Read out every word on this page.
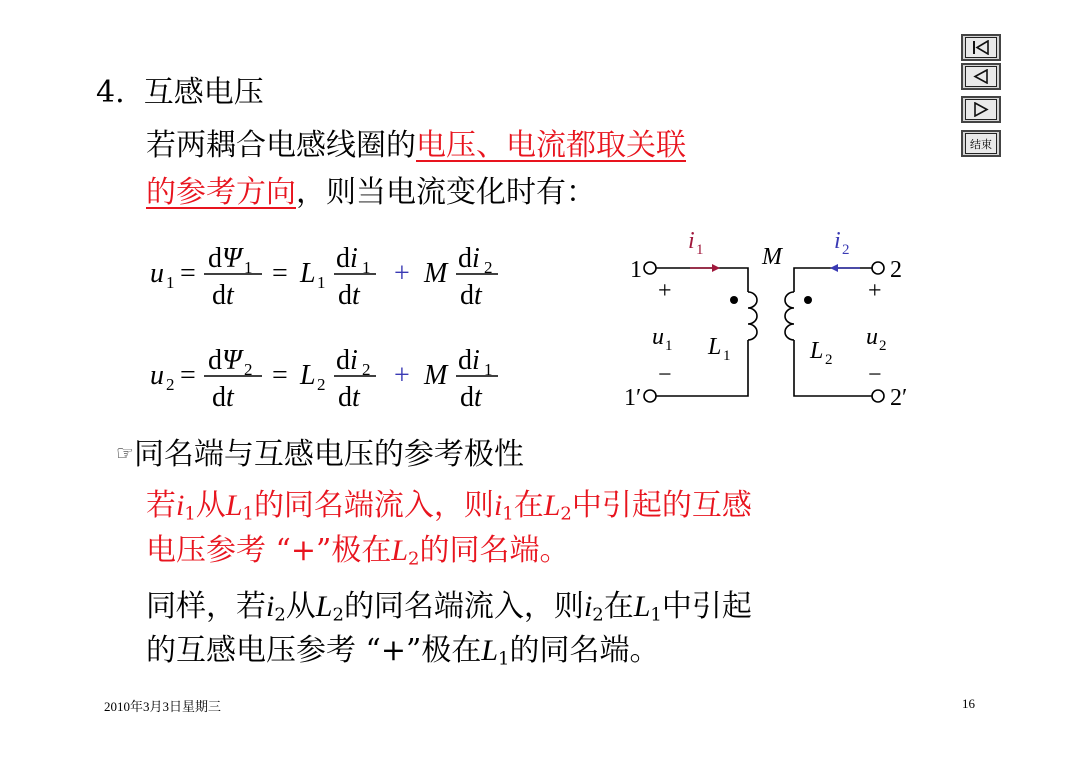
结束
4.  互感电压
若两耦合电感线圈的电压、电流都取关联
的参考方向，则当电流变化时有：
u 1 = dΨ 1
dt
= L 1
di 1
dt
+ M di 2
dt
u 2 = dΨ 2
dt
= L 2
di 2
dt
+ M di 1
dt
1
1′
2
2′
+	+
−	−
M
i 1	i 2
u 1	u 2
L 1	L 2
☞同名端与互感电压的参考极性
若$i_1$从$L_1$的同名端流入，则$i_1$在$L_2$中引起的互感
电压参考 “+”极在$L_2$的同名端。
同样，若$i_2$从$L_2$的同名端流入，则$i_2$在$L_1$中引起
的互感电压参考 “+”极在$L_1$的同名端。
2010年3月3日星期三	16
